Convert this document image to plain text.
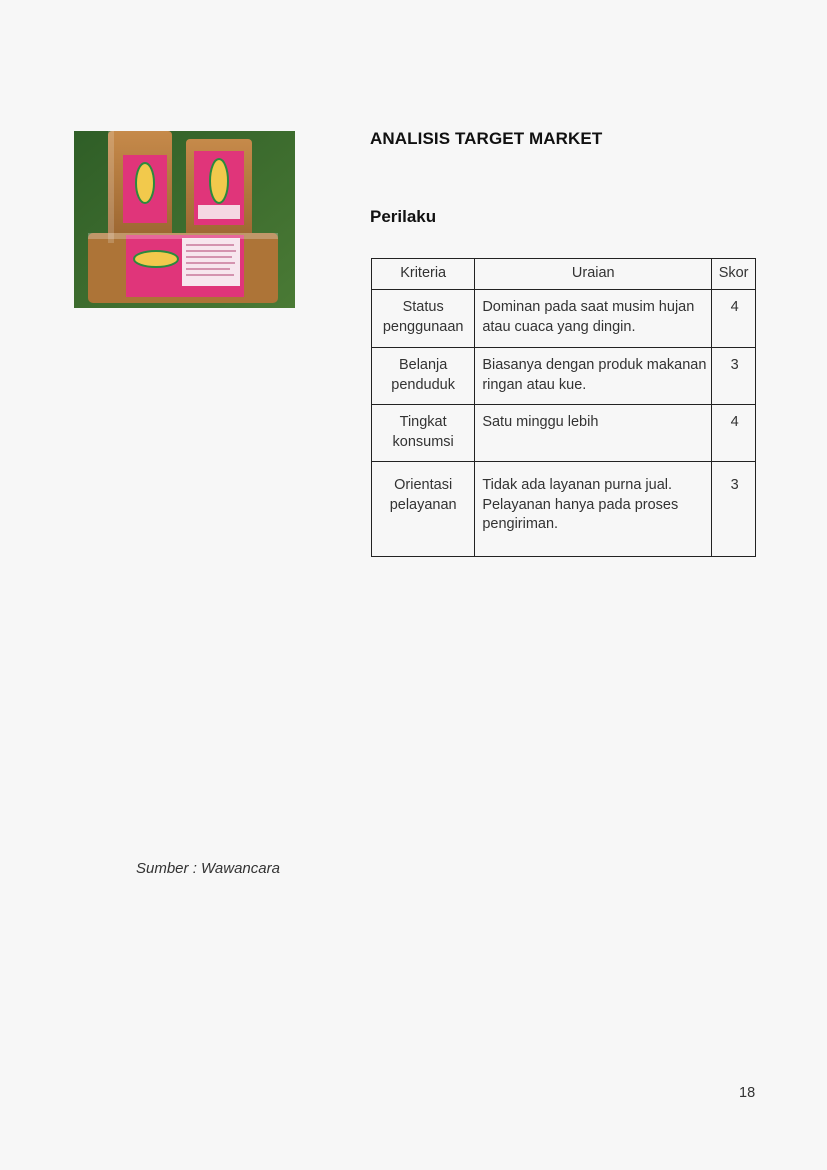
ANALISIS TARGET MARKET
Perilaku
Kriteria	Uraian	Skor
Status penggunaan	Dominan pada saat musim hujan atau cuaca yang dingin.	4
Belanja penduduk	Biasanya dengan produk makanan ringan atau kue.	3
Tingkat konsumsi	Satu minggu lebih	4
Orientasi pelayanan	Tidak ada layanan purna jual. Pelayanan hanya pada proses pengiriman.	3
Sumber : Wawancara
18
